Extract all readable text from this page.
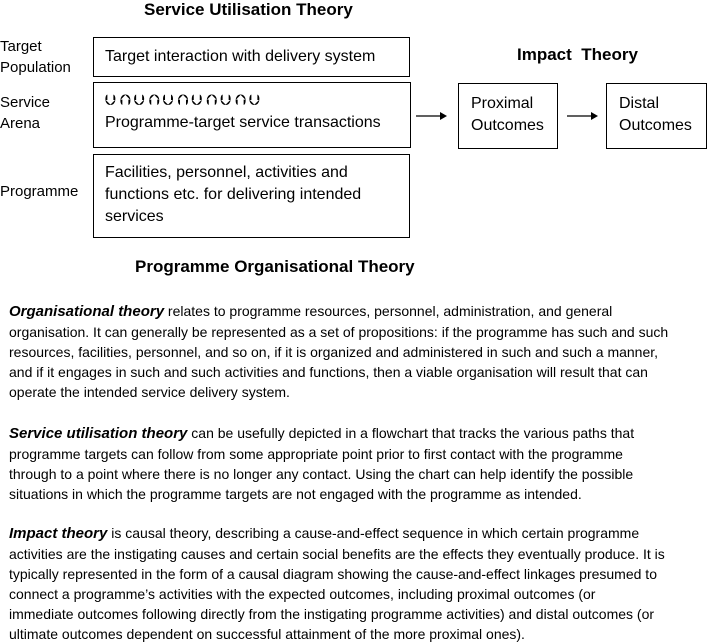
Service Utilisation Theory
Impact  Theory
Programme Organisational Theory
Target
Population
Service
Arena
Programme
Target interaction with delivery system
⮋⮉⮋⮉⮋⮉⮋⮉⮋⮉⮋
Programme-target service transactions
Facilities, personnel, activities and
functions etc. for delivering intended
services
Proximal
Outcomes
Distal
Outcomes
Organisational theory relates to programme resources, personnel, administration, and general
organisation. It can generally be represented as a set of propositions: if the programme has such and such
resources, facilities, personnel, and so on, if it is organized and administered in such and such a manner,
and if it engages in such and such activities and functions, then a viable organisation will result that can
operate the intended service delivery system.
Service utilisation theory can be usefully depicted in a flowchart that tracks the various paths that
programme targets can follow from some appropriate point prior to first contact with the programme
through to a point where there is no longer any contact. Using the chart can help identify the possible
situations in which the programme targets are not engaged with the programme as intended.
Impact theory is causal theory, describing a cause-and-effect sequence in which certain programme
activities are the instigating causes and certain social benefits are the effects they eventually produce. It is
typically represented in the form of a causal diagram showing the cause-and-effect linkages presumed to
connect a programme’s activities with the expected outcomes, including proximal outcomes (or
immediate outcomes following directly from the instigating programme activities) and distal outcomes (or
ultimate outcomes dependent on successful attainment of the more proximal ones).
